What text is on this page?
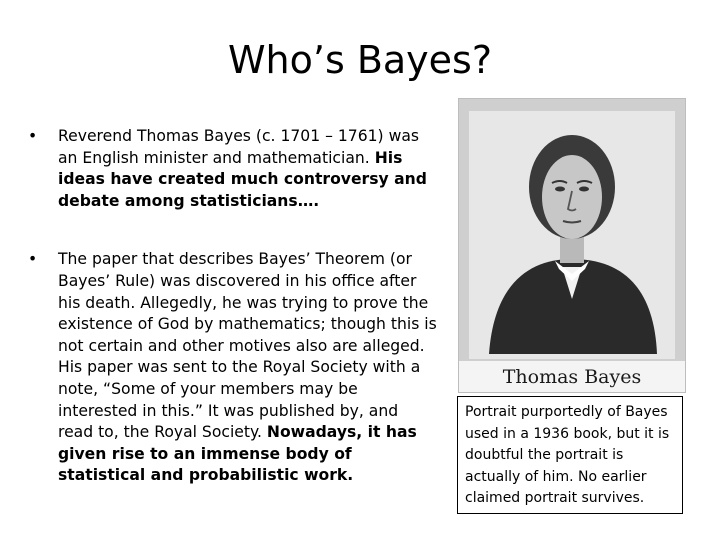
Who’s Bayes?
•	Reverend Thomas Bayes (c. 1701 – 1761) was an English minister and mathematician. His ideas have created much controversy and debate among statisticians….
•	The paper that describes Bayes’ Theorem (or Bayes’ Rule) was discovered in his office after his death. Allegedly, he was trying to prove the existence of God by mathematics; though this is not certain and other motives also are alleged. His paper was sent to the Royal Society with a note, “Some of your members may be interested in this.” It was published by, and read to, the Royal Society. Nowadays, it has given rise to an immense body of statistical and probabilistic work.
Thomas Bayes
Portrait purportedly of Bayes used in a 1936 book, but it is doubtful the portrait is actually of him. No earlier claimed portrait survives.
